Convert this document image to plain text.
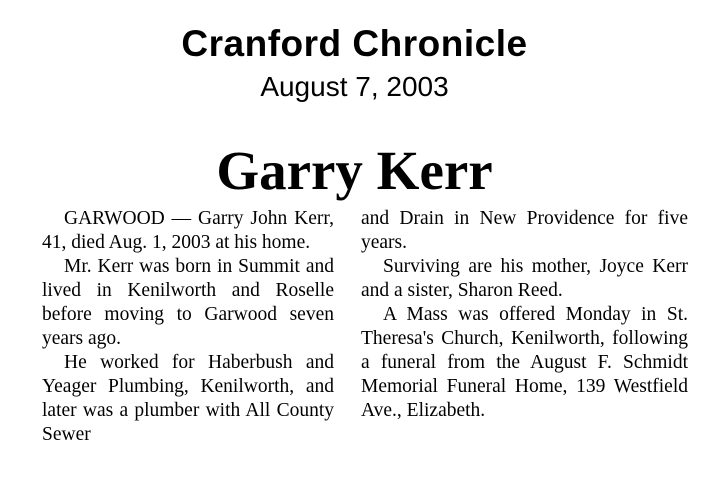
Cranford Chronicle
August 7, 2003
Garry Kerr

GARWOOD — Garry John Kerr, 41, died Aug. 1, 2003 at his home.

Mr. Kerr was born in Summit and lived in Kenilworth and Roselle before moving to Garwood seven years ago.

He worked for Haberbush and Yeager Plumbing, Kenilworth, and later was a plumber with All County Sewer

and Drain in New Providence for five years.

Surviving are his mother, Joyce Kerr and a sister, Sharon Reed.

A Mass was offered Monday in St. Theresa's Church, Kenilworth, following a funeral from the August F. Schmidt Memorial Funeral Home, 139 Westfield Ave., Elizabeth.
